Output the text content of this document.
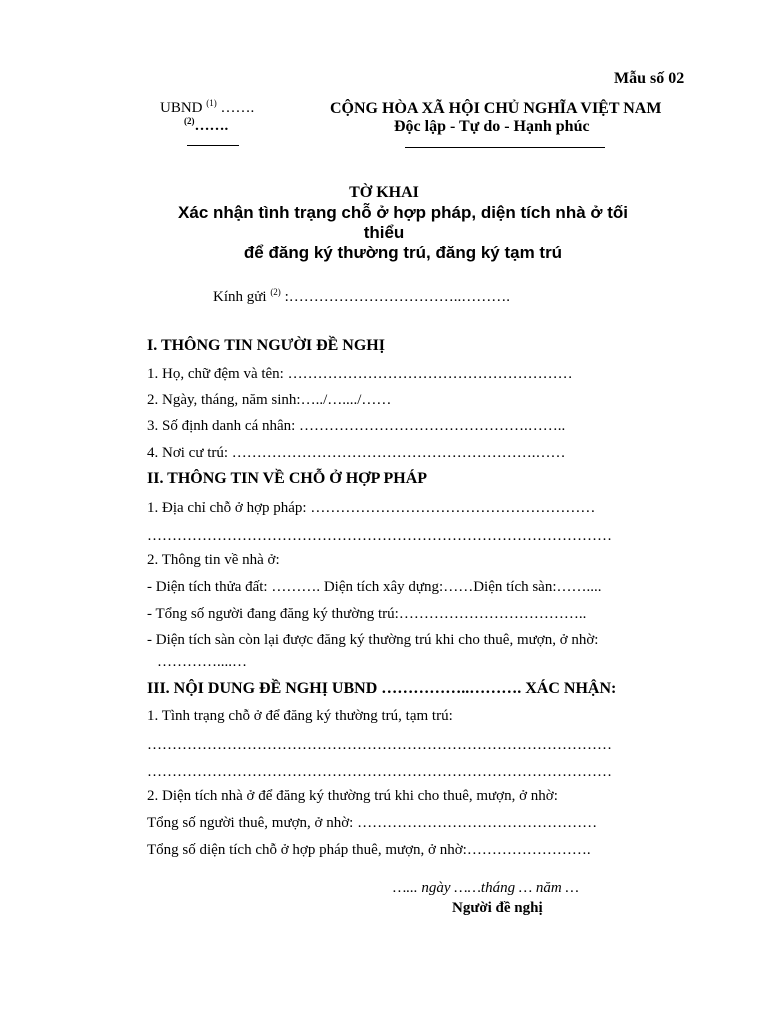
Mẫu số 02
UBND $^{(1)}$ …….
$^{(2)}$…….
CỘNG HÒA XÃ HỘI CHỦ NGHĨA VIỆT NAM
Độc lập - Tự do - Hạnh phúc
TỜ KHAI
Xác nhận tình trạng chỗ ở hợp pháp, diện tích nhà ở tối
thiểu
để đăng ký thường trú, đăng ký tạm trú
Kính gửi $^{(2)}$ :……………………………..……….
I. THÔNG TIN NGƯỜI ĐỀ NGHỊ
1. Họ, chữ đệm và tên: …………………………………………………
2. Ngày, tháng, năm sinh:…../…..../……
3. Số định danh cá nhân: ……………………………………….……..
4. Nơi cư trú: …………………………………………………….……
II. THÔNG TIN VỀ CHỖ Ở HỢP PHÁP
1. Địa chỉ chỗ ở hợp pháp: …………………………………………………
…………………………………………………………………………………
2. Thông tin về nhà ở:
- Diện tích thửa đất: ………. Diện tích xây dựng:……Diện tích sàn:……....
- Tổng số người đang đăng ký thường trú:………………………………..
- Diện tích sàn còn lại được đăng ký thường trú khi cho thuê, mượn, ở nhờ:
…………....…
III. NỘI DUNG ĐỀ NGHỊ UBND ……………..………. XÁC NHẬN:
1. Tình trạng chỗ ở để đăng ký thường trú, tạm trú:
…………………………………………………………………………………
…………………………………………………………………………………
2. Diện tích nhà ở để đăng ký thường trú khi cho thuê, mượn, ở nhờ:
Tổng số người thuê, mượn, ở nhờ: …………………………………………
Tổng số diện tích chỗ ở hợp pháp thuê, mượn, ở nhờ:…………………….
…... ngày ……tháng … năm …
Người đề nghị
